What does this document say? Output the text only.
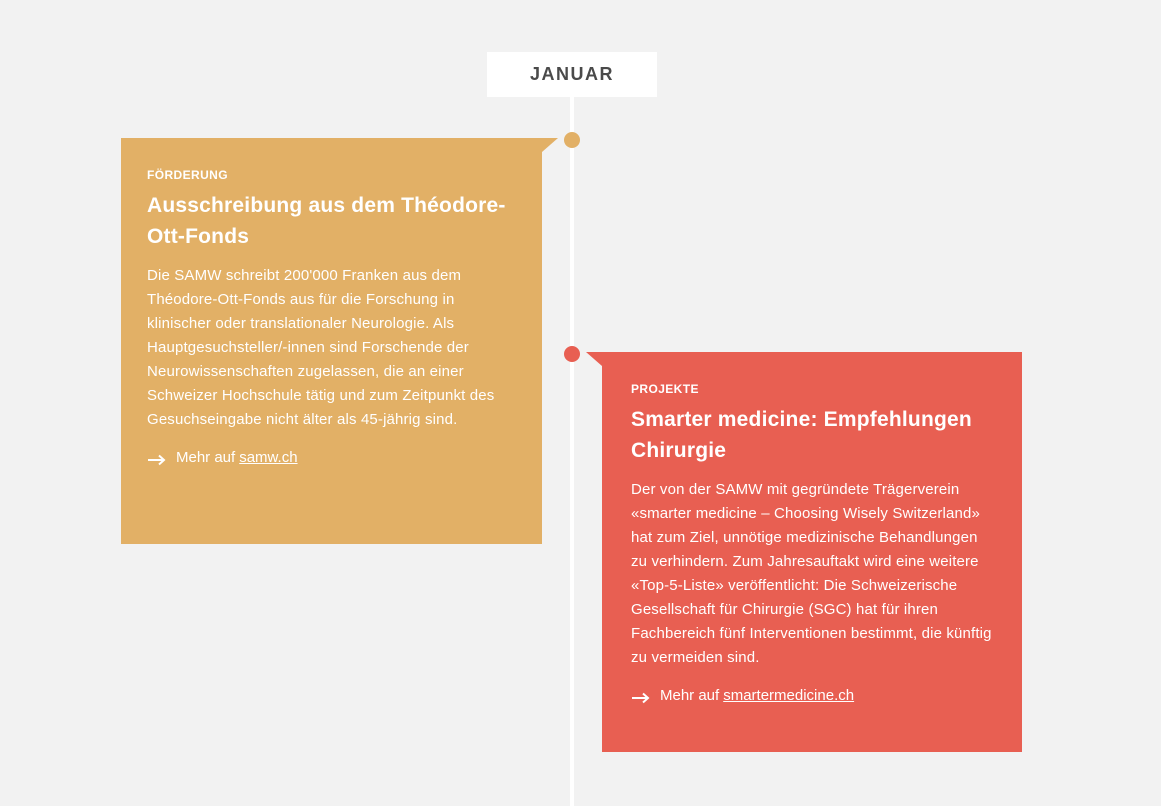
JANUAR
FÖRDERUNG
Ausschreibung aus dem Théodore-Ott-Fonds

Die SAMW schreibt 200'000 Franken aus dem Théodore-Ott-Fonds aus für die Forschung in klinischer oder translationaler Neurologie. Als Hauptgesuchsteller/-innen sind Forschende der Neurowissenschaften zugelassen, die an einer Schweizer Hochschule tätig und zum Zeitpunkt des Gesuchseingabe nicht älter als 45-jährig sind.

Mehr auf samw.ch
PROJEKTE
Smarter medicine: Empfehlungen Chirurgie

Der von der SAMW mit gegründete Trägerverein «smarter medicine – Choosing Wisely Switzerland» hat zum Ziel, unnötige medizinische Behandlungen zu verhindern. Zum Jahresauftakt wird eine weitere «Top-5-Liste» veröffentlicht: Die Schweizerische Gesellschaft für Chirurgie (SGC) hat für ihren Fachbereich fünf Interventionen bestimmt, die künftig zu vermeiden sind.

Mehr auf smartermedicine.ch
